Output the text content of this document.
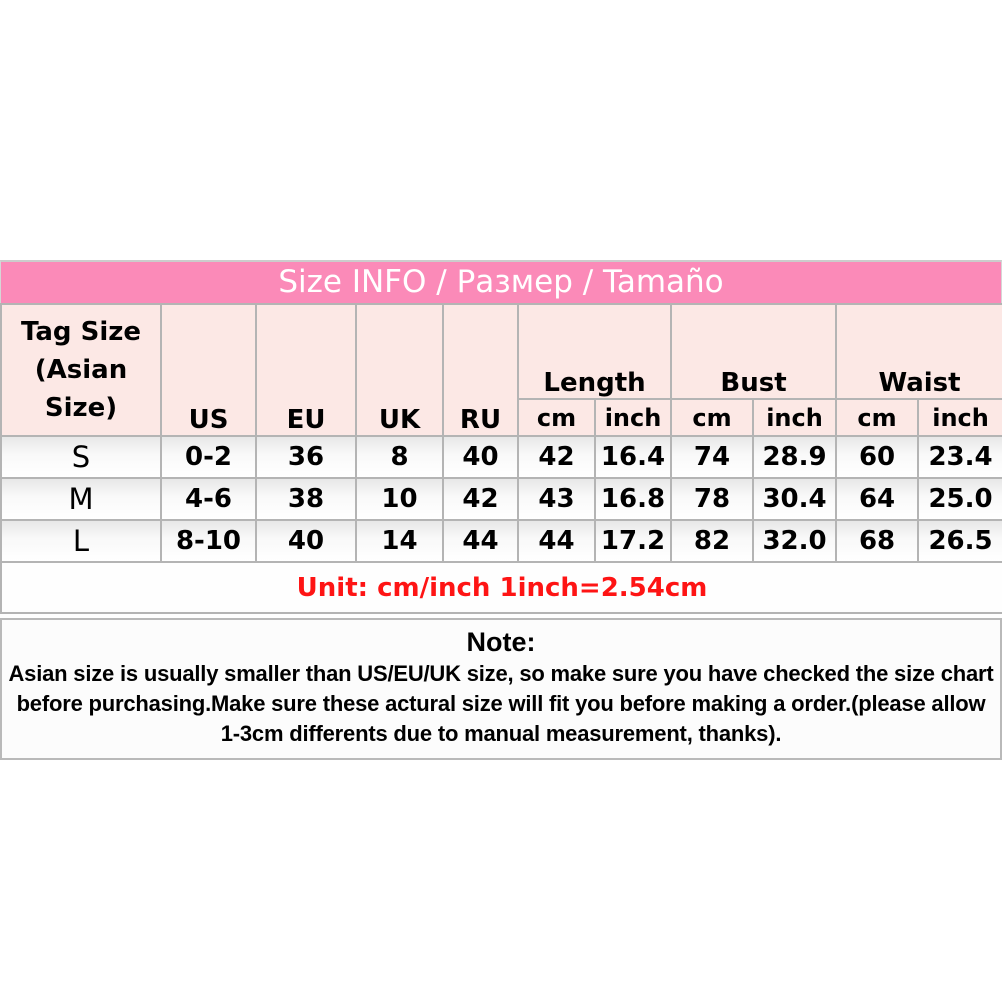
Size INFO / Размер / Tamaño
Tag Size (Asian Size)	US	EU	UK	RU	Length		Bust		Waist	
					cm	inch	cm	inch	cm	inch
S	0-2	36	8	40	42	16.4	74	28.9	60	23.4
M	4-6	38	10	42	43	16.8	78	30.4	64	25.0
L	8-10	40	14	44	44	17.2	82	32.0	68	26.5
Unit: cm/inch 1inch=2.54cm										
Note:
Asian size is usually smaller than US/EU/UK size, so make sure you have checked the size chart before purchasing.Make sure these actural size will fit you before making a order.(please allow 1-3cm differents due to manual measurement, thanks).
